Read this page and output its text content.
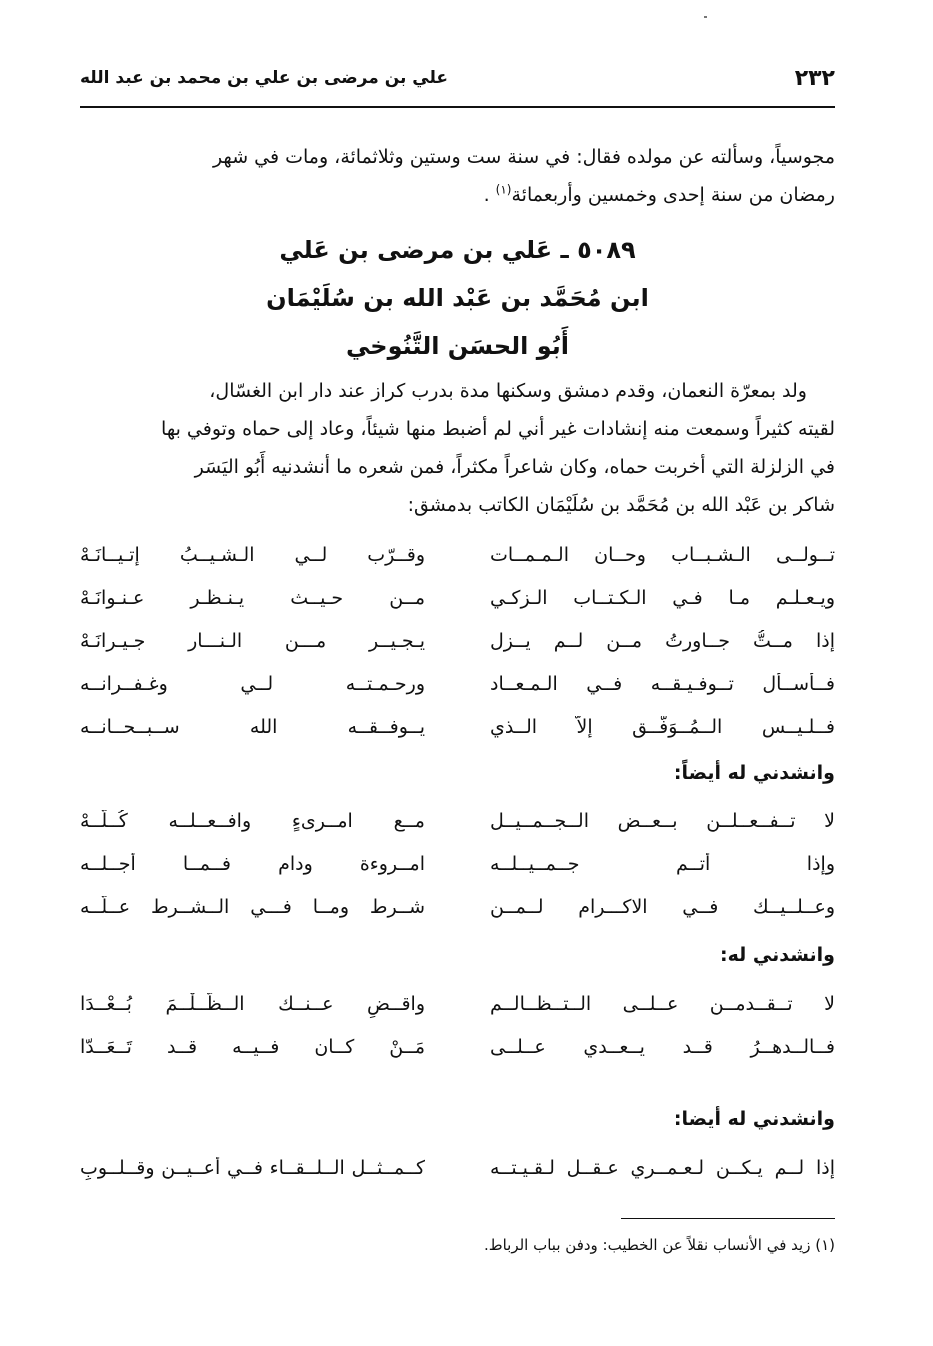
٢٣٢
علي بن مرضى بن علي بن محمد بن عبد الله

مجوسياً، وسألته عن مولده فقال: في سنة ست وستين وثلاثمائة، ومات في شهر

رمضان من سنة إحدى وخمسين وأربعمائة$^{(١)}$ .

٥٠٨٩ ـ عَلي بن مرضى بن عَلي
ابن مُحَمَّد بن عَبْد الله بن سُلَيْمَان
أَبُو الحسَن التَّنُوخي

ولد بمعرّة النعمان، وقدم دمشق وسكنها مدة بدرب كراز عند دار ابن الغسّال،

لقيته كثيراً وسمعت منه إنشادات غير أني لم أضبط منها شيئاً، وعاد إلى حماه وتوفي بها

في الزلزلة التي أخربت حماه، وكان شاعراً مكثراً، فمن شعره ما أنشدنيه أَبُو اليَسَر

شاكر بن عَبْد الله بن مُحَمَّد بن سُلَيْمَان الكاتب بدمشق:

تــولــى الـشـبــاب وحــان الـمـمــات
وقــرّب لــي الـشـيــبُ إتـيــانَـهْ
ويـعـلـم مـا فـي الـكـتــاب الـزكـي
مــن حـيــث يـنـظـر عـنـوانَـهْ
إذا مــتُّ جــاورتُ مــن لــم يــزل
يـجـيــر مـــن الـنـــار جـيـرانَـهْ
فــأســأل تــوفـيـقــه فــي الـمـعــاد
ورحـمـتــه لــي وغـفــرانــه
فــلـيــس الــمُــوَفَّــق إلاَّ الــذي
يــوفــقــه الله ســبــحــانــه
وانشدني له أيضاً:
لا تــفــعــلــن بــعــض الــجــمــيــل
مــع امــرىءٍ وافــعــلــه كُــلَّــهْ
وإذا أتــم جــمــيــلــه
امــروءة ودام فــمــا أجــلــه
وعــلــيــك فــي الاكـــرام لــمــن
شــرط ومــا فـــي الــشــرط عــلّــه
وانشدني له:
لا تــقــدمــن عــلــى الــتــظــالــم
واقــضِ عــنــك الــظُّــلْــمَ بُــعْــدَا
فــالــدهــرُ قــد يــعــدي عــلــى
مَــنْ كــان فــيــه قــد تَــعَــدّا
وانشدني له أيضا:
إذا لــم يـكــن لـعـمــري عـقــل لـقـيـتــه
كــمــثــل الــلــقــاء فــي أعــيــن وقــلــوبِ
(١) زيد في الأنساب نقلاً عن الخطيب: ودفن بباب الرباط.
